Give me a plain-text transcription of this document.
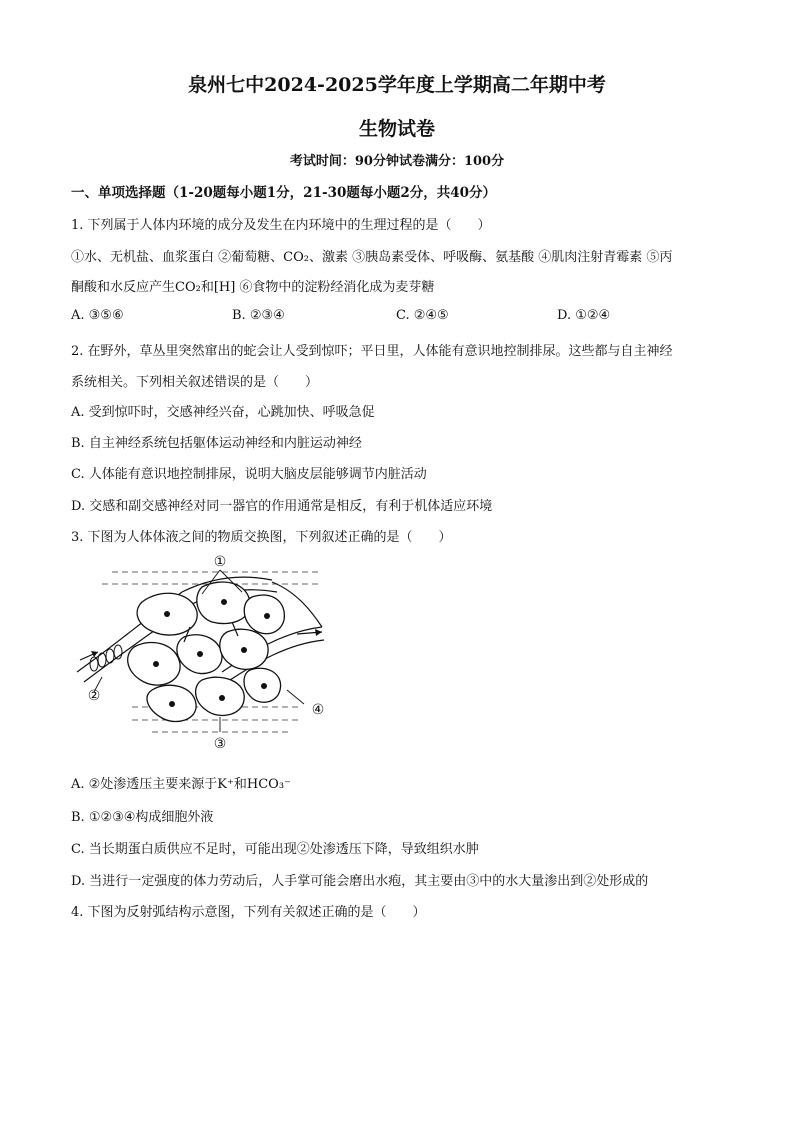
泉州七中2024-2025学年度上学期高二年期中考
生物试卷
考试时间：90分钟试卷满分：100分
一、单项选择题（1-20题每小题1分，21-30题每小题2分，共40分）
1. 下列属于人体内环境的成分及发生在内环境中的生理过程的是（　　）
①水、无机盐、血浆蛋白 ②葡萄糖、CO₂、激素 ③胰岛素受体、呼吸酶、氨基酸 ④肌肉注射青霉素 ⑤丙
酮酸和水反应产生CO₂和[H] ⑥食物中的淀粉经消化成为麦芽糖
A. ③⑤⑥	B. ②③④	C. ②④⑤	D. ①②④
2. 在野外，草丛里突然窜出的蛇会让人受到惊吓；平日里，人体能有意识地控制排尿。这些都与自主神经
系统相关。下列相关叙述错误的是（　　）
A. 受到惊吓时，交感神经兴奋，心跳加快、呼吸急促
B. 自主神经系统包括躯体运动神经和内脏运动神经
C. 人体能有意识地控制排尿，说明大脑皮层能够调节内脏活动
D. 交感和副交感神经对同一器官的作用通常是相反，有利于机体适应环境
3. 下图为人体体液之间的物质交换图，下列叙述正确的是（　　）
①
②
③
④
A. ②处渗透压主要来源于K⁺和HCO₃⁻
B. ①②③④构成细胞外液
C. 当长期蛋白质供应不足时，可能出现②处渗透压下降，导致组织水肿
D. 当进行一定强度的体力劳动后，人手掌可能会磨出水疱，其主要由③中的水大量渗出到②处形成的
4. 下图为反射弧结构示意图，下列有关叙述正确的是（　　）
